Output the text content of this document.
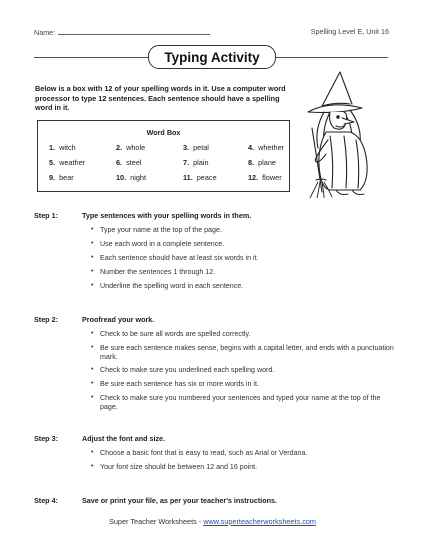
Name:	Spelling Level E, Unit 16
Typing Activity
Below is a box with 12 of your spelling words in it. Use a computer word processor to type 12 sentences. Each sentence should have a spelling word in it.
Word Box
1. witch	2. whole	3. petal	4. whether
5. weather	6. steel	7. plain	8. plane
9. bear	10. night	11. peace	12. flower
Step 1:	Type sentences with your spelling words in them.
• Type your name at the top of the page.
• Use each word in a complete sentence.
• Each sentence should have at least six words in it.
• Number the sentences 1 through 12.
• Underline the spelling word in each sentence.
Step 2:	Proofread your work.
• Check to be sure all words are spelled correctly.
• Be sure each sentence makes sense, begins with a capital letter, and ends with a punctuation mark.
• Check to make sure you underlined each spelling word.
• Be sure each sentence has six or more words in it.
• Check to make sure you numbered your sentences and typed your name at the top of the page.
Step 3:	Adjust the font and size.
• Choose a basic font that is easy to read, such as Arial or Verdana.
• Your font size should be between 12 and 16 point.
Step 4:	Save or print your file, as per your teacher's instructions.
Super Teacher Worksheets - www.superteacherworksheets.com
